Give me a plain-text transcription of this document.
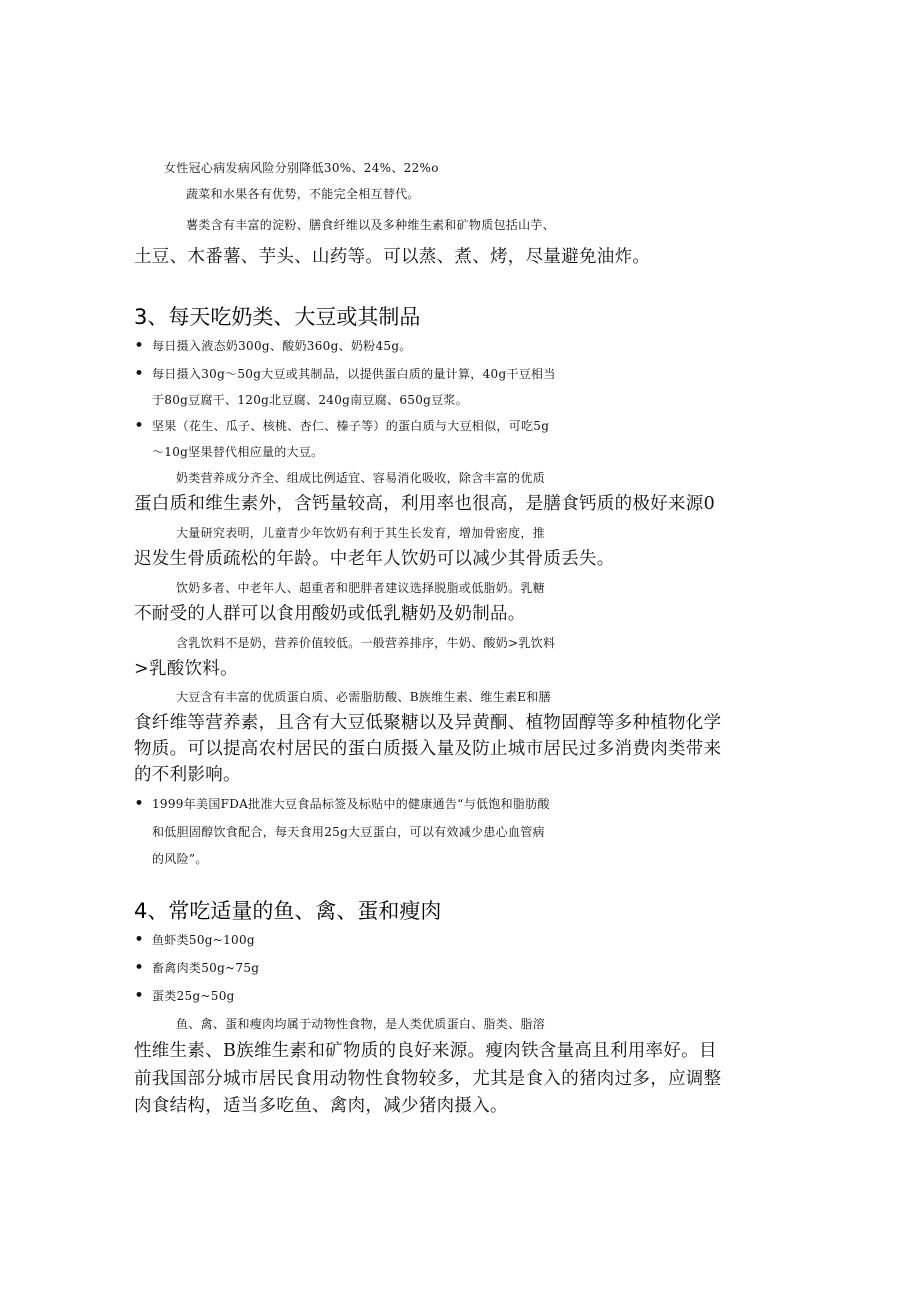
女性冠心病发病风险分别降低30%、24%、22%o
蔬菜和水果各有优势，不能完全相互替代。
薯类含有丰富的淀粉、膳食纤维以及多种维生素和矿物质包括山芋、
土豆、木番薯、芋头、山药等。可以蒸、煮、烤，尽量避免油炸。
3、每天吃奶类、大豆或其制品
• 每日摄入液态奶300g、酸奶360g、奶粉45g。
• 每日摄入30g～50g大豆或其制品，以提供蛋白质的量计算，40g干豆相当
于80g豆腐干、120g北豆腐、240g南豆腐、650g豆浆。
• 坚果（花生、瓜子、核桃、杏仁、榛子等）的蛋白质与大豆相似，可吃5g
～10g坚果替代相应量的大豆。
奶类营养成分齐全、组成比例适宜、容易消化吸收，除含丰富的优质
蛋白质和维生素外，含钙量较高，利用率也很高，是膳食钙质的极好来源0
大量研究表明，儿童青少年饮奶有利于其生长发育，增加骨密度，推
迟发生骨质疏松的年龄。中老年人饮奶可以减少其骨质丢失。
饮奶多者、中老年人、超重者和肥胖者建议选择脱脂或低脂奶。乳糖
不耐受的人群可以食用酸奶或低乳糖奶及奶制品。
含乳饮料不是奶，营养价值较低。一般营养排序，牛奶、酸奶>乳饮料
>乳酸饮料。
大豆含有丰富的优质蛋白质、必需脂肪酸、B族维生素、维生素E和膳
食纤维等营养素，且含有大豆低聚糖以及异黄酮、植物固醇等多种植物化学
物质。可以提高农村居民的蛋白质摄入量及防止城市居民过多消费肉类带来
的不利影响。
• 1999年美国FDA批准大豆食品标签及标贴中的健康通告“与低饱和脂肪酸
和低胆固醇饮食配合，每天食用25g大豆蛋白，可以有效减少患心血管病
的风险”。
4、常吃适量的鱼、禽、蛋和瘦肉
• 鱼虾类50g~100g
• 畜禽肉类50g~75g
• 蛋类25g~50g
鱼、禽、蛋和瘦肉均属于动物性食物，是人类优质蛋白、脂类、脂溶
性维生素、B族维生素和矿物质的良好来源。瘦肉铁含量高且利用率好。目
前我国部分城市居民食用动物性食物较多，尤其是食入的猪肉过多，应调整
肉食结构，适当多吃鱼、禽肉，减少猪肉摄入。
